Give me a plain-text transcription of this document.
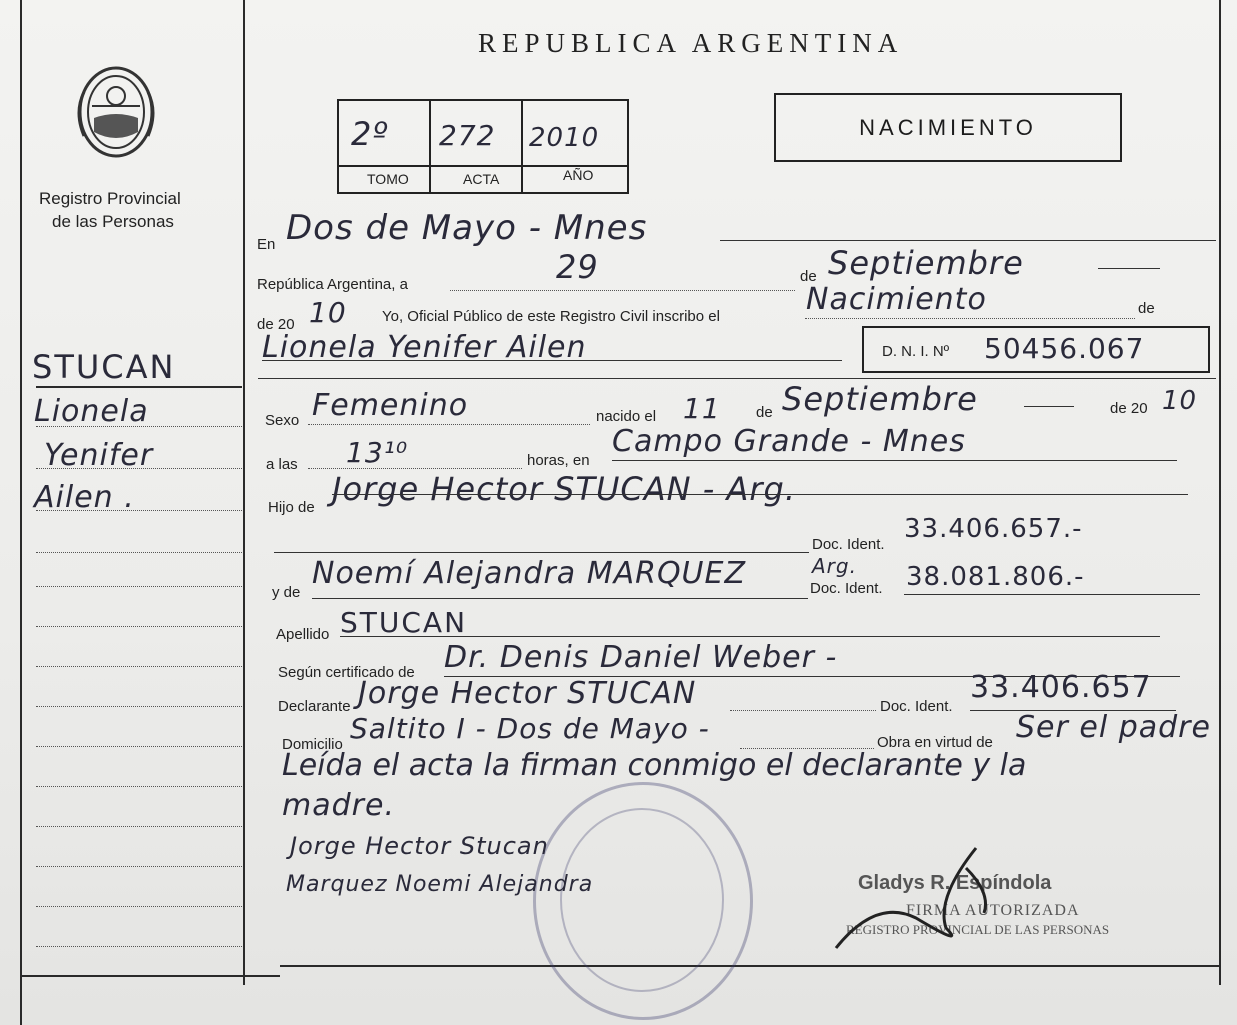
Registro Provincial
de las Personas
REPUBLICA ARGENTINA
2º 272 2010
TOMO	ACTA	AÑO
NACIMIENTO
STUCAN
Lionela
Yenifer
Ailen .
En Dos de Mayo - Mnes
República Argentina, a	29	de Septiembre
de 20 10 Yo, Oficial Público de este Registro Civil inscribo el	Nacimiento	de
Lionela Yenifer Ailen	D. N. I. Nº 50456.067
Sexo Femenino	nacido el 11 de Septiembre	de 20 10
a las 13¹⁰	horas, en
Campo Grande - Mnes
Hijo de Jorge Hector STUCAN - Arg.
Doc. Ident.
33.406.657.-
y de
Noemí Alejandra MARQUEZ	Arg.
Doc. Ident. 38.081.806.-
Apellido STUCAN
Según certificado de Dr. Denis Daniel Weber -
Declarante Jorge Hector STUCAN	Doc. Ident.
33.406.657
Domicilio Saltito I - Dos de Mayo -	Obra en virtud de Ser el padre
Leída el acta la firman conmigo el declarante y la
madre.
Jorge Hector Stucan
Marquez Noemi Alejandra	Gladys R. Espíndola
FIRMA AUTORIZADA
REGISTRO PROVINCIAL DE LAS PERSONAS
